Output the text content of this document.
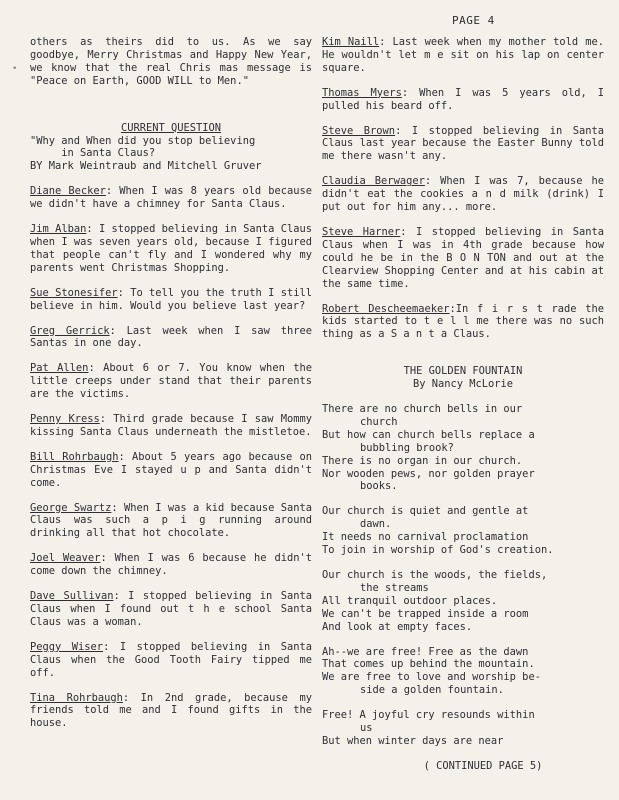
•
PAGE 4

others as theirs did to us. As we say goodbye, Merry Christmas and Happy New Year, we know that the real Chris mas message is "Peace on Earth, GOOD WILL to Men."

CURRENT QUESTION
"Why and When did you stop believing
in Santa Claus?
BY Mark Weintraub and Mitchell Gruver

Diane Becker: When I was 8 years old because we didn't have a chimney for Santa Claus.

Jim Alban: I stopped believing in Santa Claus when I was seven years old, because I figured that people can't fly and I wondered why my parents went Christmas Shopping.

Sue Stonesifer: To tell you the truth I still believe in him. Would you believe last year?

Greg Gerrick: Last week when I saw three Santas in one day.

Pat Allen: About 6 or 7. You know when the little creeps under stand that their parents are the victims.

Penny Kress: Third grade because I saw Mommy kissing Santa Claus underneath the mistletoe.

Bill Rohrbaugh: About 5 years ago because on Christmas Eve I stayed u p and Santa didn't come.

George Swartz: When I was a kid because Santa Claus was such a p i g running around drinking all that hot chocolate.

Joel Weaver: When I was 6 because he didn't come down the chimney.

Dave Sullivan: I stopped believing in Santa Claus when I found out t h e school Santa Claus was a woman.

Peggy Wiser: I stopped believing in Santa Claus when the Good Tooth Fairy tipped me off.

Tina Rohrbaugh: In 2nd grade, because my friends told me and I found gifts in the house.

Kim Naill: Last week when my mother told me. He wouldn't let m e sit on his lap on center square.

Thomas Myers: When I was 5 years old, I pulled his beard off.

Steve Brown: I stopped believing in Santa Claus last year because the Easter Bunny told me there wasn't any.

Claudia Berwager: When I was 7, because he didn't eat the cookies a n d milk (drink) I put out for him any... more.

Steve Harner: I stopped believing in Santa Claus when I was in 4th grade because how could he be in the B O N TON and out at the Clearview Shopping Center and at his cabin at the same time.

Robert Descheemaeker:In f i r s t rade the kids started to t e l l me there was no such thing as a S a n t a Claus.

THE GOLDEN FOUNTAIN
By Nancy McLorie
There are no church bells in our
church
But how can church bells replace a
bubbling brook?
There is no organ in our church.
Nor wooden pews, nor golden prayer
books.
Our church is quiet and gentle at
dawn.
It needs no carnival proclamation
To join in worship of God's creation.
Our church is the woods, the fields,
the streams
All tranquil outdoor places.
We can't be trapped inside a room
And look at empty faces.
Ah--we are free! Free as the dawn
That comes up behind the mountain.
We are free to love and worship be-
side a golden fountain.
Free! A joyful cry resounds within
us
But when winter days are near
( CONTINUED PAGE 5)
